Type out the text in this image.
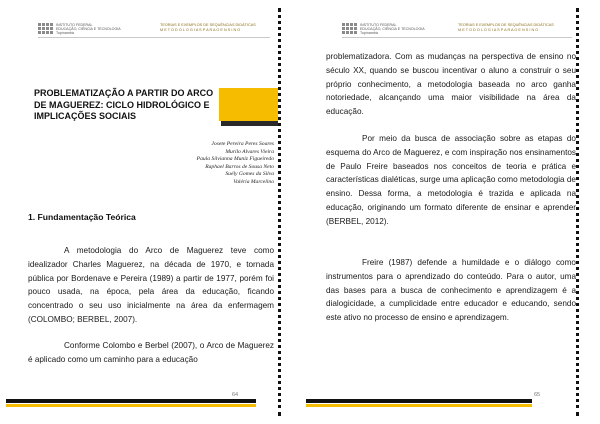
INSTITUTO FEDERAL
EDUCAÇÃO, CIÊNCIA E TECNOLOGIA
Tupinambá
TEORIAS E EXEMPLOS DE SEQUÊNCIAS DIDÁTICAS
M E T O D O L O G I A S P A R A O E N S I N O
PROBLEMATIZAÇÃO A PARTIR DO ARCO DE MAGUEREZ: CICLO HIDROLÓGICO E IMPLICAÇÕES SOCIAIS
Josete Pereira Peres Soares
Murilo Alvares Vieira
Paula Silvianna Muniz Figueiredo
Raphael Barros de Sousa Neto
Suély Gomes da Silva
Valéria Marcelino
1. Fundamentação Teórica
A metodologia do Arco de Maguerez teve como idealizador Charles Maguerez, na década de 1970, e tornada pública por Bordenave e Pereira (1989) a partir de 1977, porém foi pouco usada, na época, pela área da educação, ficando concentrado o seu uso inicialmente na área da enfermagem (COLOMBO; BERBEL, 2007).
Conforme Colombo e Berbel (2007), o Arco de Maguerez é aplicado como um caminho para a educação
64
INSTITUTO FEDERAL
EDUCAÇÃO, CIÊNCIA E TECNOLOGIA
Tupinambá
TEORIAS E EXEMPLOS DE SEQUÊNCIAS DIDÁTICAS
M E T O D O L O G I A S P A R A O E N S I N O
problematizadora. Com as mudanças na perspectiva de ensino no século XX, quando se buscou incentivar o aluno a construir o seu próprio conhecimento, a metodologia baseada no arco ganha notoriedade, alcançando uma maior visibilidade na área da educação.
Por meio da busca de associação sobre as etapas do esquema do Arco de Maguerez, e com inspiração nos ensinamentos de Paulo Freire baseados nos conceitos de teoria e prática e características dialéticas, surge uma aplicação como metodologia de ensino. Dessa forma, a metodologia é trazida e aplicada na educação, originando um formato diferente de ensinar e aprender (BERBEL, 2012).
Freire (1987) defende a humildade e o diálogo como instrumentos para o aprendizado do conteúdo. Para o autor, uma das bases para a busca de conhecimento e aprendizagem é a dialogicidade, a cumplicidade entre educador e educando, sendo este ativo no processo de ensino e aprendizagem.
65
